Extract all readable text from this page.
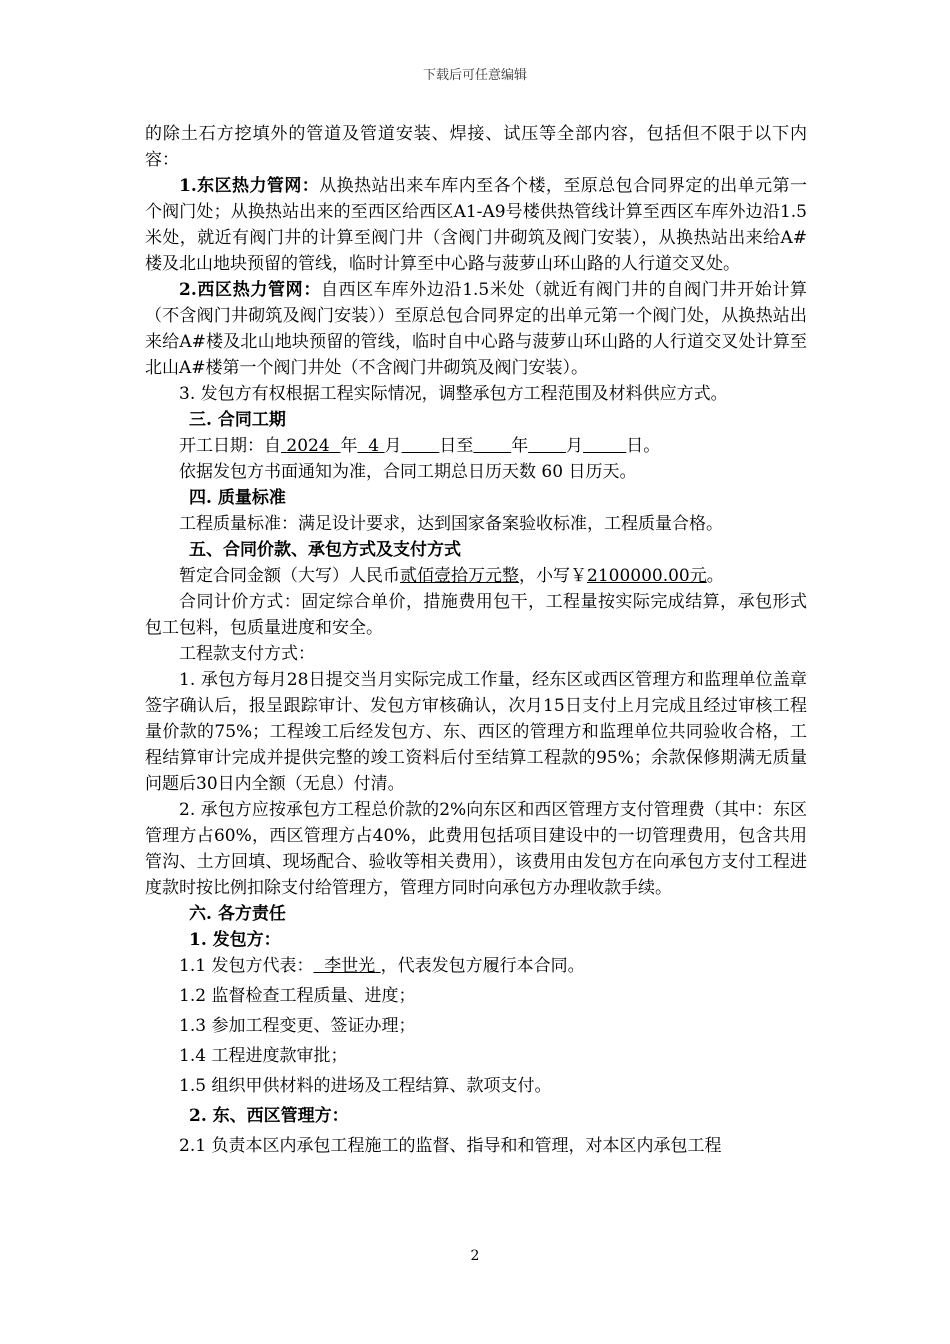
下载后可任意编辑

的除土石方挖填外的管道及管道安装、焊接、试压等全部内容，包括但不限于以下内容：

1.东区热力管网：从换热站出来车库内至各个楼，至原总包合同界定的出单元第一个阀门处；从换热站出来的至西区给西区A1-A9号楼供热管线计算至西区车库外边沿1.5米处，就近有阀门井的计算至阀门井（含阀门井砌筑及阀门安装），从换热站出来给A#楼及北山地块预留的管线，临时计算至中心路与菠萝山环山路的人行道交叉处。

2.西区热力管网：自西区车库外边沿1.5米处（就近有阀门井的自阀门井开始计算（不含阀门井砌筑及阀门安装））至原总包合同界定的出单元第一个阀门处，从换热站出来给A#楼及北山地块预留的管线，临时自中心路与菠萝山环山路的人行道交叉处计算至北山A#楼第一个阀门井处（不含阀门井砌筑及阀门安装）。

3. 发包方有权根据工程实际情况，调整承包方工程范围及材料供应方式。

三. 合同工期

开工日期：自 2024 年 4 月 日至 年 月	日。

依据发包方书面通知为准，合同工期总日历天数 60 日历天。

四. 质量标准

工程质量标准：满足设计要求，达到国家备案验收标准，工程质量合格。

五、合同价款、承包方式及支付方式

暂定合同金额（大写）人民币贰佰壹拾万元整，小写￥2100000.00元。

合同计价方式：固定综合单价，措施费用包干，工程量按实际完成结算，承包形式包工包料，包质量进度和安全。

工程款支付方式：

1. 承包方每月28日提交当月实际完成工作量，经东区或西区管理方和监理单位盖章签字确认后，报呈跟踪审计、发包方审核确认，次月15日支付上月完成且经过审核工程量价款的75%；工程竣工后经发包方、东、西区的管理方和监理单位共同验收合格，工程结算审计完成并提供完整的竣工资料后付至结算工程款的95%；余款保修期满无质量问题后30日内全额（无息）付清。

2. 承包方应按承包方工程总价款的2%向东区和西区管理方支付管理费（其中：东区管理方占60%，西区管理方占40%，此费用包括项目建设中的一切管理费用，包含共用管沟、土方回填、现场配合、验收等相关费用），该费用由发包方在向承包方支付工程进度款时按比例扣除支付给管理方，管理方同时向承包方办理收款手续。

六. 各方责任

1. 发包方：

1.1 发包方代表： 李世光 ，代表发包方履行本合同。

1.2 监督检查工程质量、进度；

1.3 参加工程变更、签证办理；

1.4 工程进度款审批；

1.5 组织甲供材料的进场及工程结算、款项支付。

2. 东、西区管理方：

2.1 负责本区内承包工程施工的监督、指导和和管理，对本区内承包工程

2
